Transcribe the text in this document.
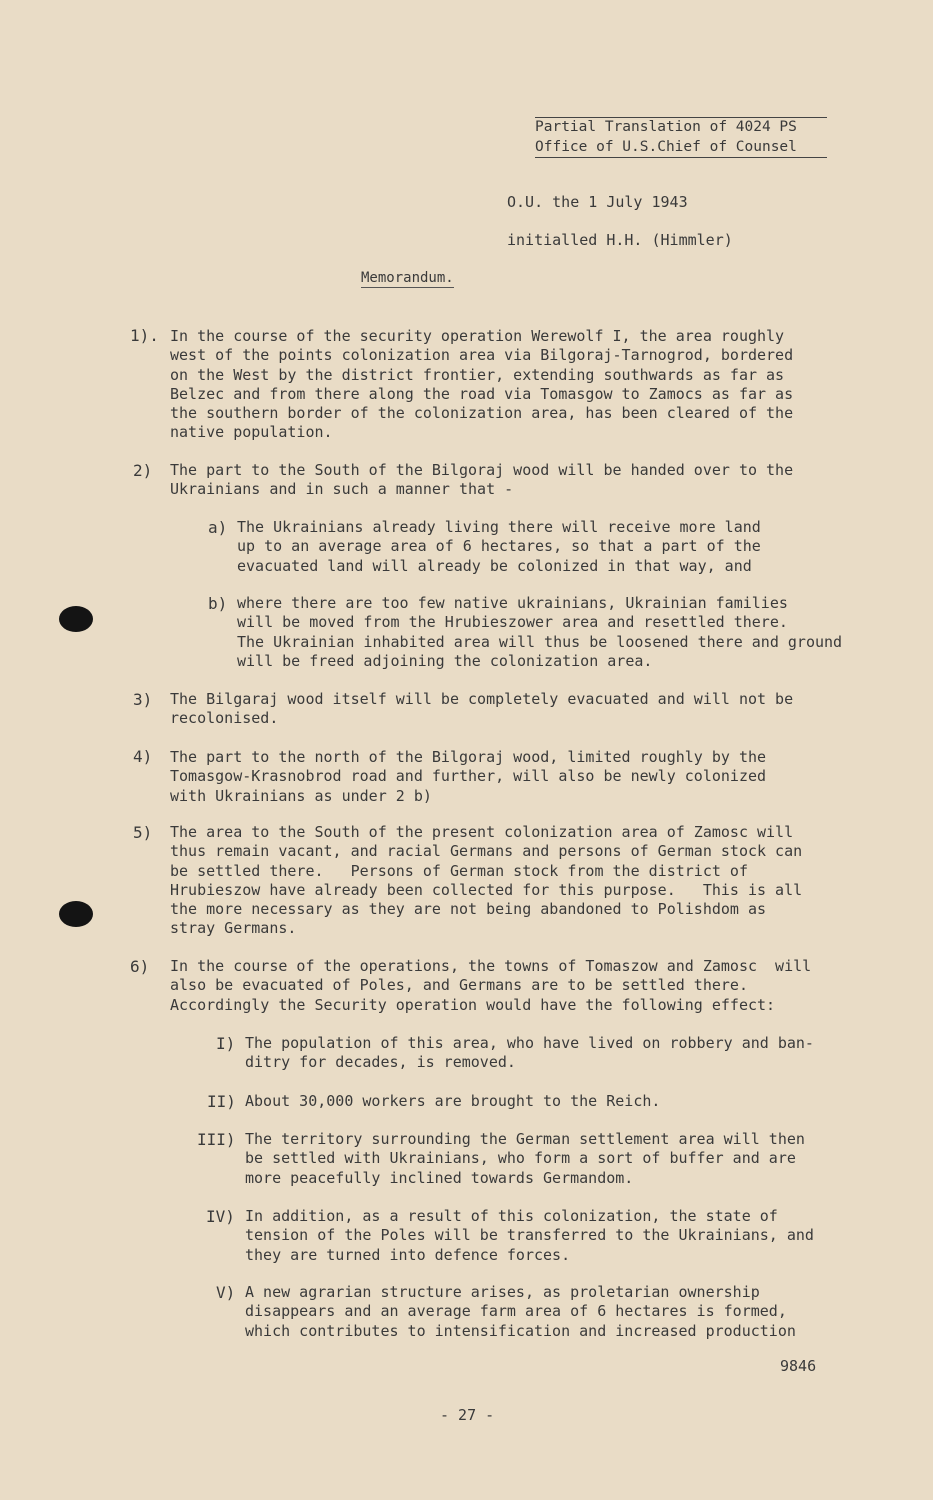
Partial Translation of 4024 PS
Office of U.S.Chief of Counsel
O.U. the 1 July 1943
initialled H.H. (Himmler)
Memorandum.
1). In the course of the security operation Werewolf I, the area roughly
west of the points colonization area via Bilgoraj-Tarnogrod, bordered
on the West by the district frontier, extending southwards as far as
Belzec and from there along the road via Tomasgow to Zamocs as far as
the southern border of the colonization area, has been cleared of the
native population.
2) The part to the South of the Bilgoraj wood will be handed over to the
Ukrainians and in such a manner that -
a) The Ukrainians already living there will receive more land
up to an average area of 6 hectares, so that a part of the
evacuated land will already be colonized in that way, and
b) where there are too few native ukrainians, Ukrainian families
will be moved from the Hrubieszower area and resettled there.
The Ukrainian inhabited area will thus be loosened there and ground
will be freed adjoining the colonization area.
3) The Bilgaraj wood itself will be completely evacuated and will not be
recolonised.
4) The part to the north of the Bilgoraj wood, limited roughly by the
Tomasgow-Krasnobrod road and further, will also be newly colonized
with Ukrainians as under 2 b)
5) The area to the South of the present colonization area of Zamosc will
thus remain vacant, and racial Germans and persons of German stock can
be settled there.   Persons of German stock from the district of
Hrubieszow have already been collected for this purpose.   This is all
the more necessary as they are not being abandoned to Polishdom as
stray Germans.
6) In the course of the operations, the towns of Tomaszow and Zamosc  will
also be evacuated of Poles, and Germans are to be settled there.
Accordingly the Security operation would have the following effect:
I) The population of this area, who have lived on robbery and ban-
ditry for decades, is removed.
II) About 30,000 workers are brought to the Reich.
III) The territory surrounding the German settlement area will then
be settled with Ukrainians, who form a sort of buffer and are
more peacefully inclined towards Germandom.
IV) In addition, as a result of this colonization, the state of
tension of the Poles will be transferred to the Ukrainians, and
they are turned into defence forces.
V) A new agrarian structure arises, as proletarian ownership
disappears and an average farm area of 6 hectares is formed,
which contributes to intensification and increased production
9846
- 27 -
